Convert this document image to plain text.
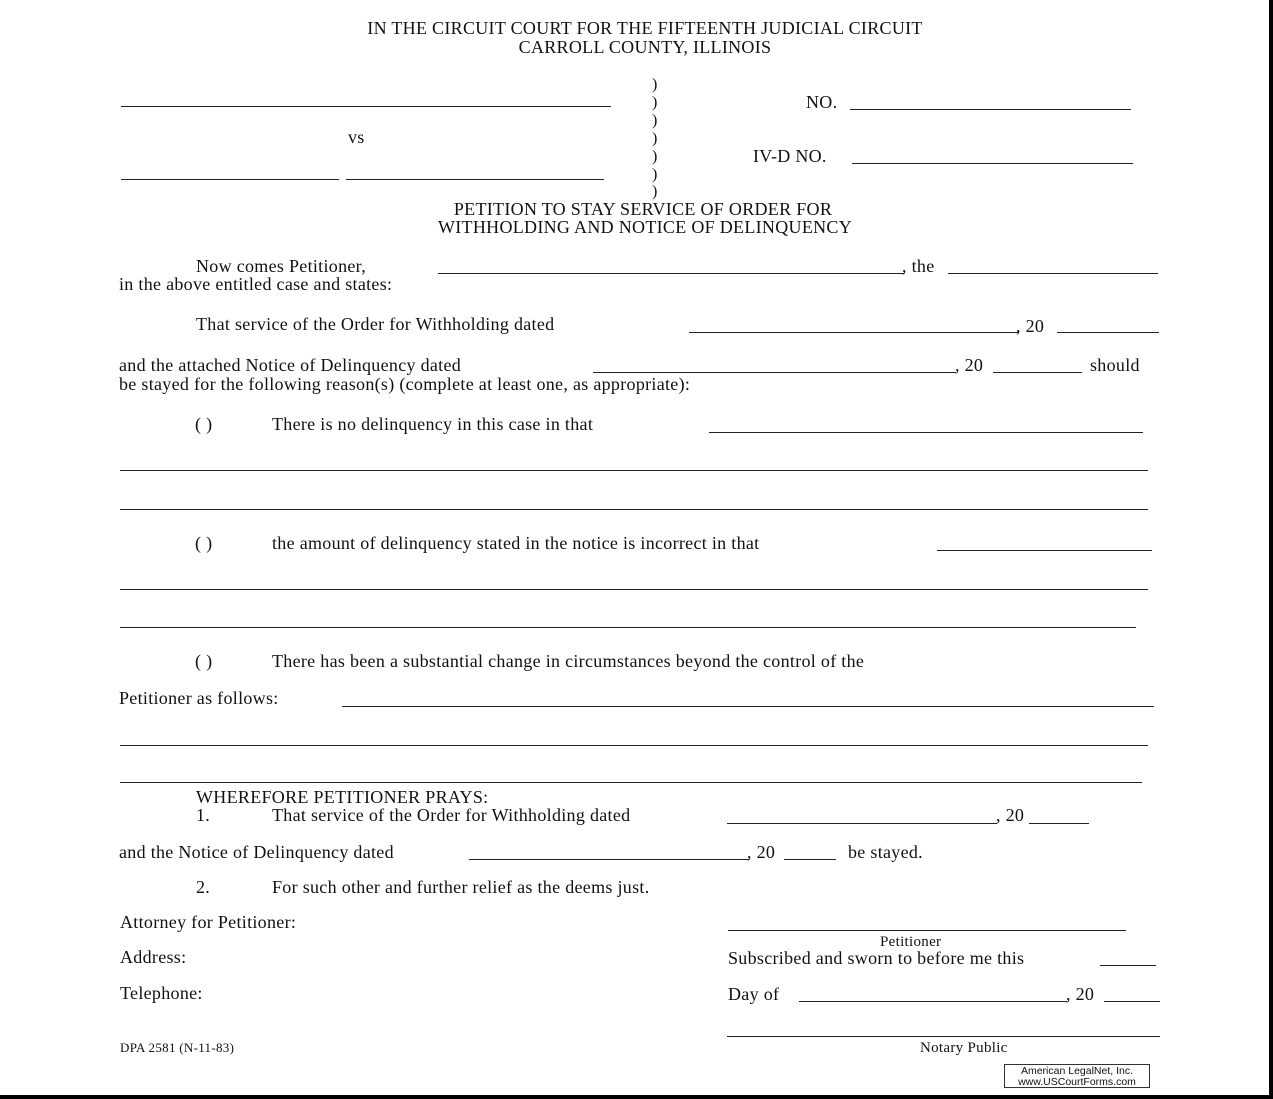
IN THE CIRCUIT COURT FOR THE FIFTEENTH JUDICIAL CIRCUIT
CARROLL COUNTY, ILLINOIS
vs
)
)
)
)
)
)
)
NO.
IV-D NO.
PETITION TO STAY SERVICE OF ORDER FOR
WITHHOLDING AND NOTICE OF DELINQUENCY
Now comes Petitioner,	, the
in the above entitled case and states:
That service of the Order for Withholding dated	, 20
and the attached Notice of Delinquency dated	, 20	should
be stayed for the following reason(s) (complete at least one, as appropriate):
( )	There is no delinquency in this case in that
( )	the amount of delinquency stated in the notice is incorrect in that
( )	There has been a substantial change in circumstances beyond the control of the
Petitioner as follows:
WHEREFORE PETITIONER PRAYS:
1.	That service of the Order for Withholding dated	, 20
and the Notice of Delinquency dated	, 20	be stayed.
2.	For such other and further relief as the deems just.
Attorney for Petitioner:
Address:
Telephone:
Petitioner
Subscribed and sworn to before me this
Day of	, 20
Notary Public
DPA 2581 (N-11-83)
American LegalNet, Inc.
www.USCourtForms.com
